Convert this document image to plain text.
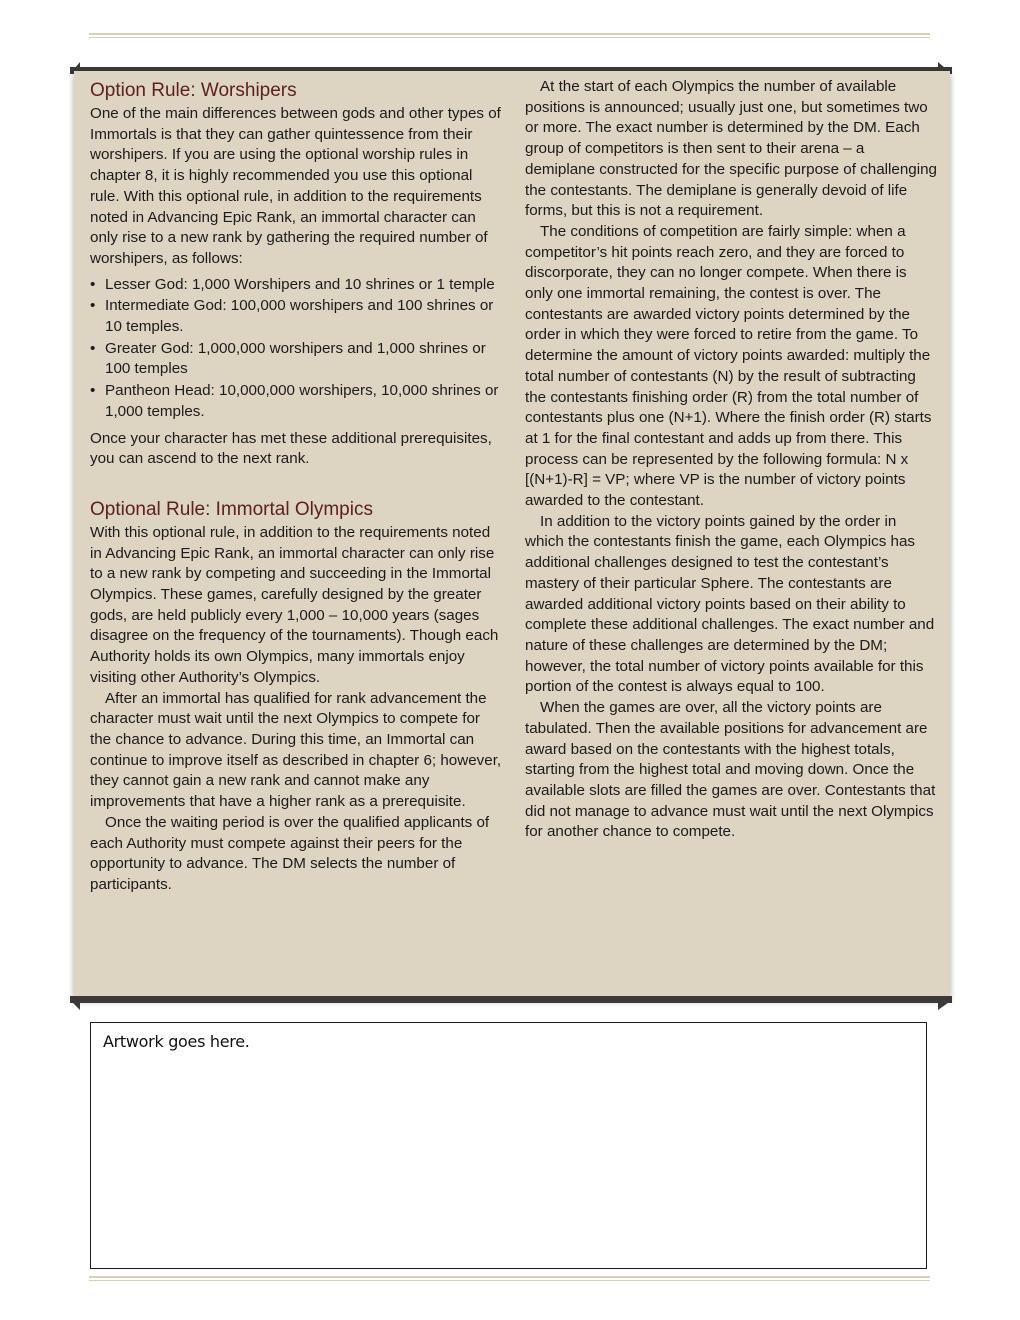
Option Rule: Worshipers

One of the main differences between gods and other types of Immortals is that they can gather quintessence from their worshipers. If you are using the optional worship rules in chapter 8, it is highly recommended you use this optional rule. With this optional rule, in addition to the requirements noted in Advancing Epic Rank, an immortal character can only rise to a new rank by gathering the required number of worshipers, as follows:

• Lesser God: 1,000 Worshipers and 10 shrines or 1 temple
• Intermediate God: 100,000 worshipers and 100 shrines or 10 temples.
• Greater God: 1,000,000 worshipers and 1,000 shrines or 100 temples
• Pantheon Head: 10,000,000 worshipers, 10,000 shrines or 1,000 temples.

Once your character has met these additional prerequisites, you can ascend to the next rank.

Optional Rule: Immortal Olympics

With this optional rule, in addition to the requirements noted in Advancing Epic Rank, an immortal character can only rise to a new rank by competing and succeeding in the Immortal Olympics. These games, carefully designed by the greater gods, are held publicly every 1,000 – 10,000 years (sages disagree on the frequency of the tournaments). Though each Authority holds its own Olympics, many immortals enjoy visiting other Authority’s Olympics.

After an immortal has qualified for rank advancement the character must wait until the next Olympics to compete for the chance to advance. During this time, an Immortal can continue to improve itself as described in chapter 6; however, they cannot gain a new rank and cannot make any improvements that have a higher rank as a prerequisite.

Once the waiting period is over the qualified applicants of each Authority must compete against their peers for the opportunity to advance. The DM selects the number of participants.

At the start of each Olympics the number of available positions is announced; usually just one, but sometimes two or more. The exact number is determined by the DM. Each group of competitors is then sent to their arena – a demiplane constructed for the specific purpose of challenging the contestants. The demiplane is generally devoid of life forms, but this is not a requirement.

The conditions of competition are fairly simple: when a competitor’s hit points reach zero, and they are forced to discorporate, they can no longer compete. When there is only one immortal remaining, the contest is over. The contestants are awarded victory points determined by the order in which they were forced to retire from the game. To determine the amount of victory points awarded: multiply the total number of contestants (N) by the result of subtracting the contestants finishing order (R) from the total number of contestants plus one (N+1). Where the finish order (R) starts at 1 for the final contestant and adds up from there. This process can be represented by the following formula: N x [(N+1)-R] = VP; where VP is the number of victory points awarded to the contestant.

In addition to the victory points gained by the order in which the contestants finish the game, each Olympics has additional challenges designed to test the contestant’s mastery of their particular Sphere. The contestants are awarded additional victory points based on their ability to complete these additional challenges. The exact number and nature of these challenges are determined by the DM; however, the total number of victory points available for this portion of the contest is always equal to 100.

When the games are over, all the victory points are tabulated. Then the available positions for advancement are award based on the contestants with the highest totals, starting from the highest total and moving down. Once the available slots are filled the games are over. Contestants that did not manage to advance must wait until the next Olympics for another chance to compete.

Artwork goes here.
